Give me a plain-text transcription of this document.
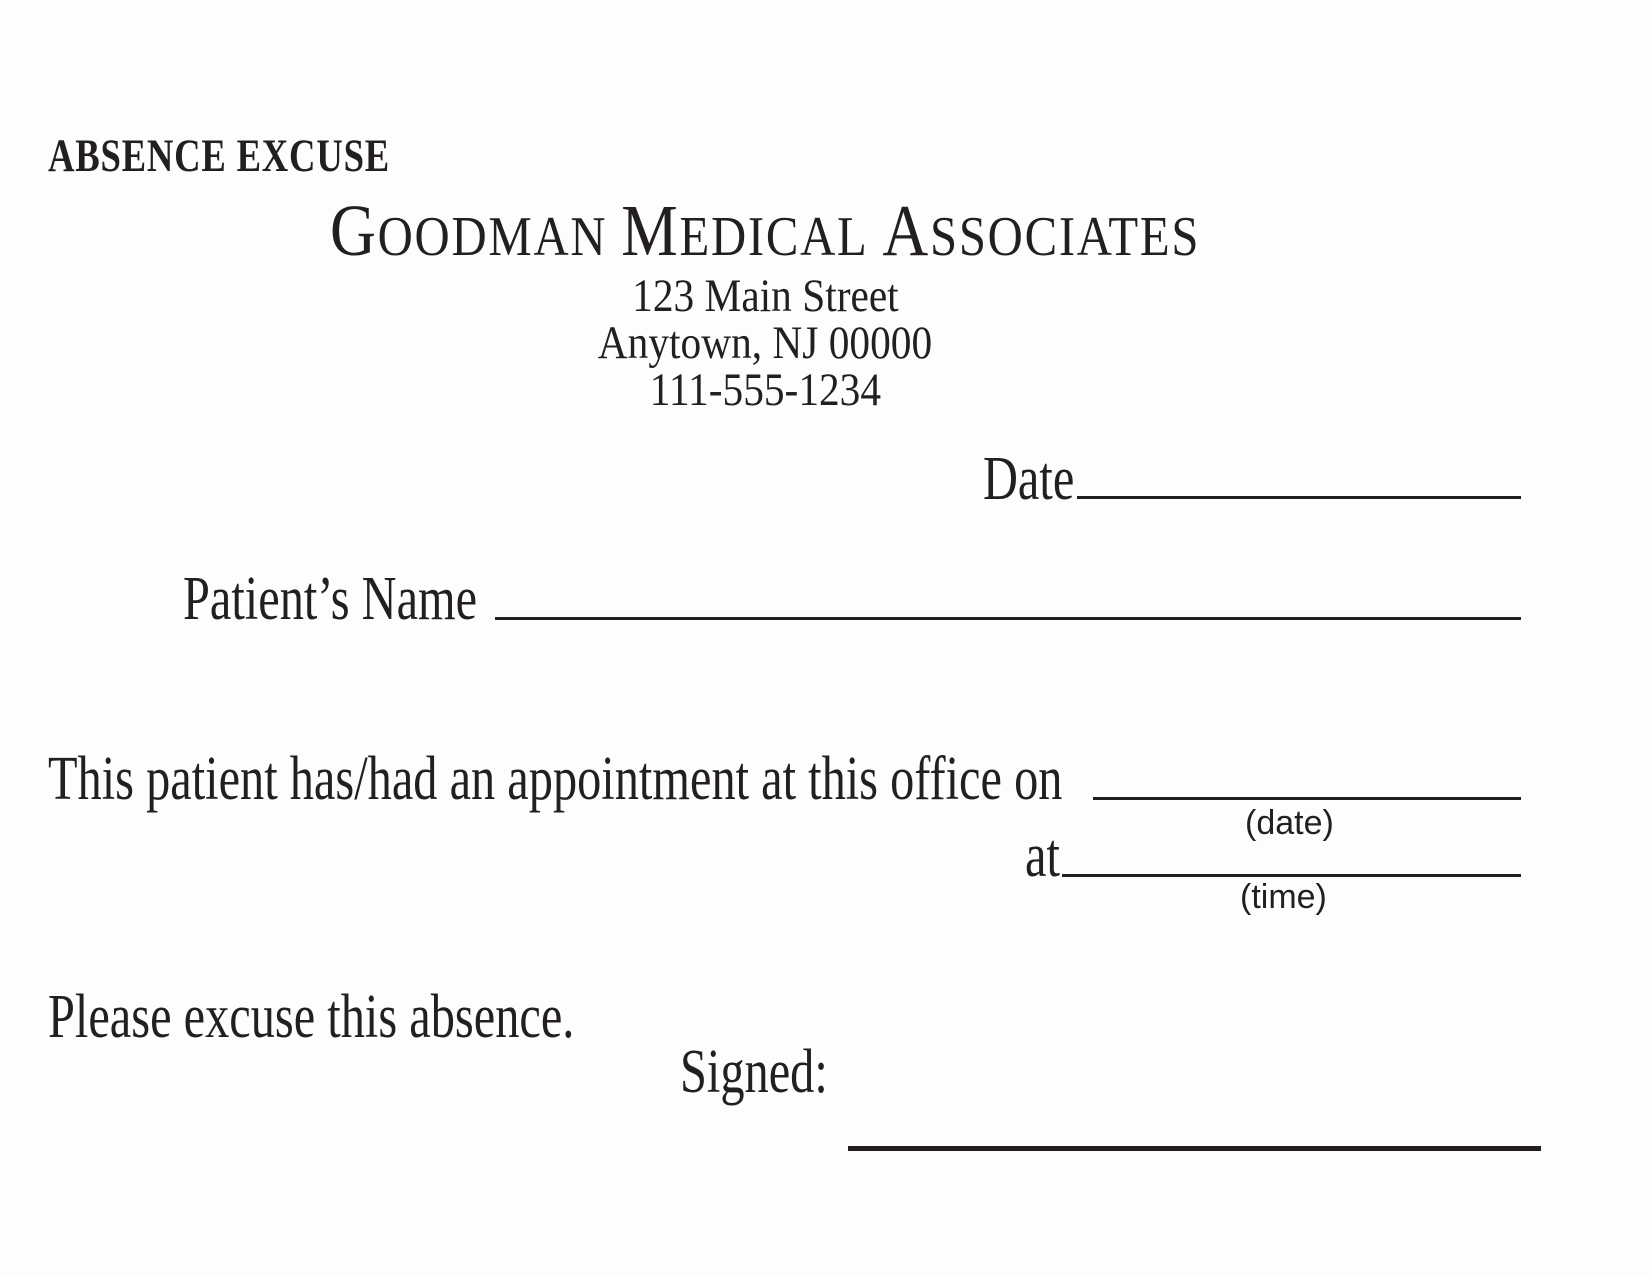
ABSENCE EXCUSE
GOODMAN MEDICAL ASSOCIATES
123 Main Street
Anytown, NJ 00000
111-555-1234
Date
Patient’s Name
This patient has/had an appointment at this office on
(date)
at
(time)
Please excuse this absence.
Signed:
